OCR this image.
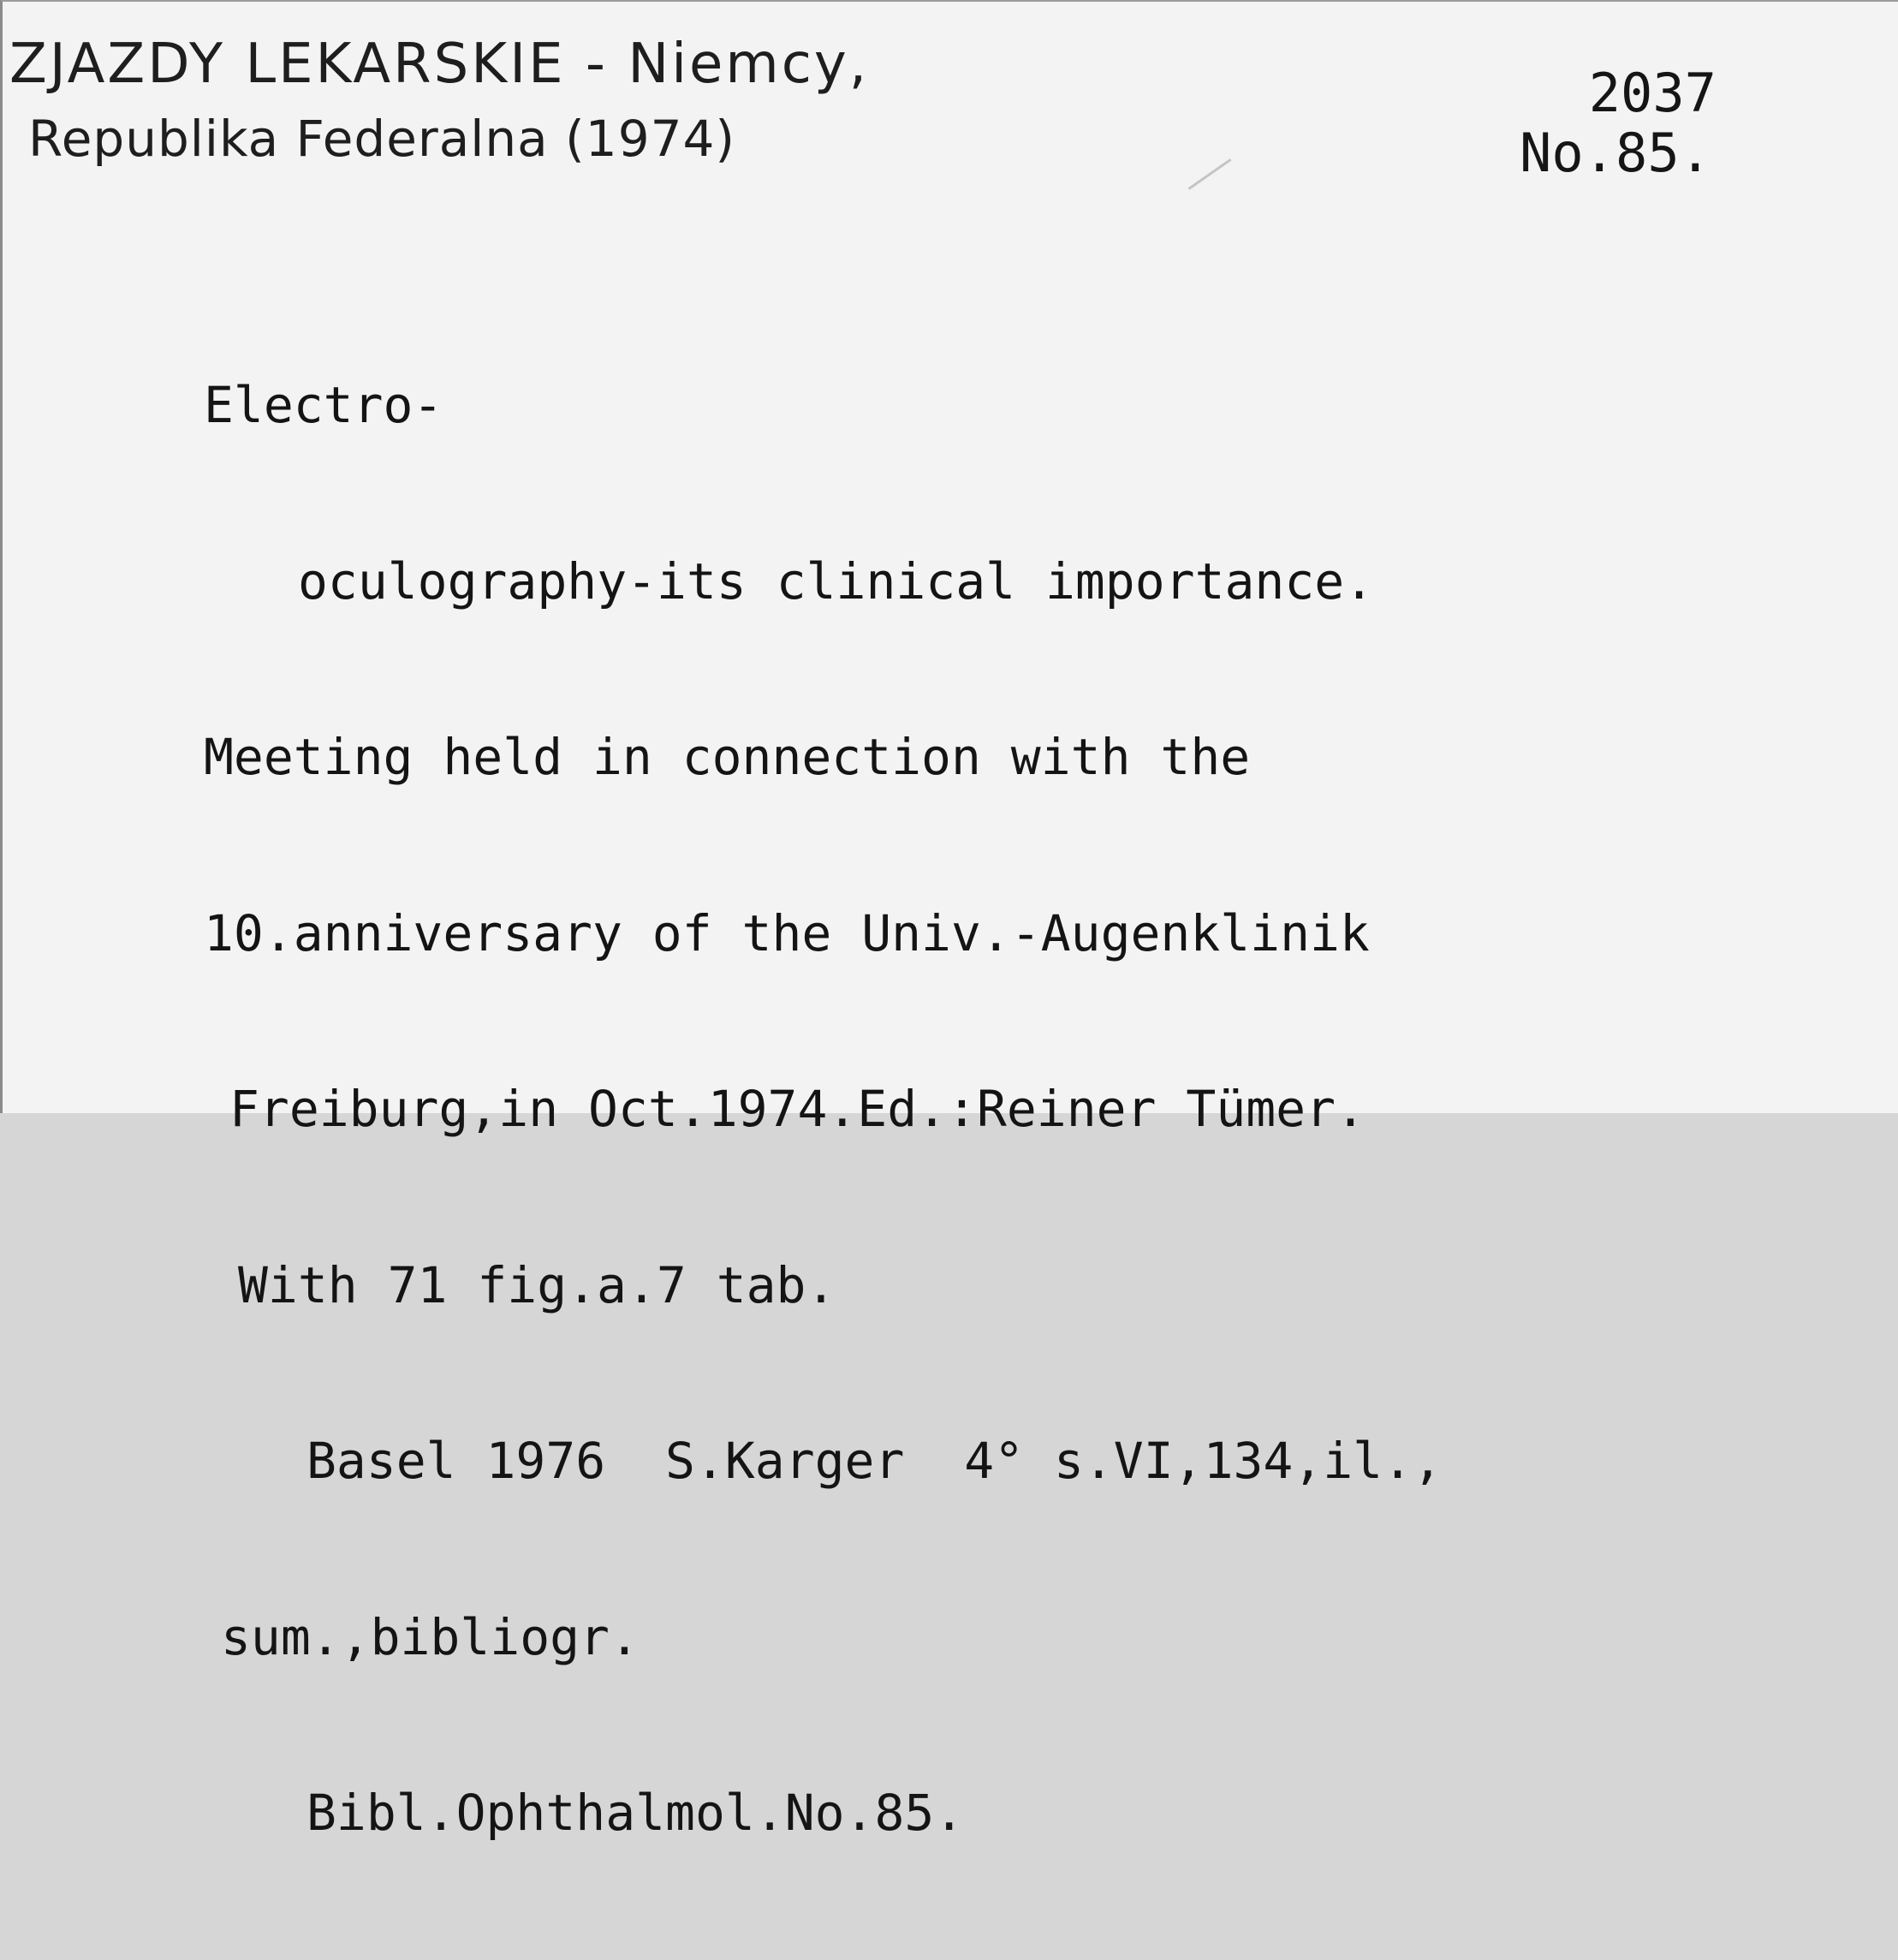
ZJAZDY LEKARSKIE - Niemcy,
Republika Federalna (1974)
2037
No.85.

Electro-

oculography-its clinical importance.

Meeting held in connection with the

10.anniversary of the Univ.-Augenklinik

Freiburg,in Oct.1974.Ed.:Reiner Tümer.

With 71 fig.a.7 tab.

Basel 1976  S.Karger  4° s.VI,134,il.,

sum.,bibliogr.

Bibl.Ophthalmol.No.85.
